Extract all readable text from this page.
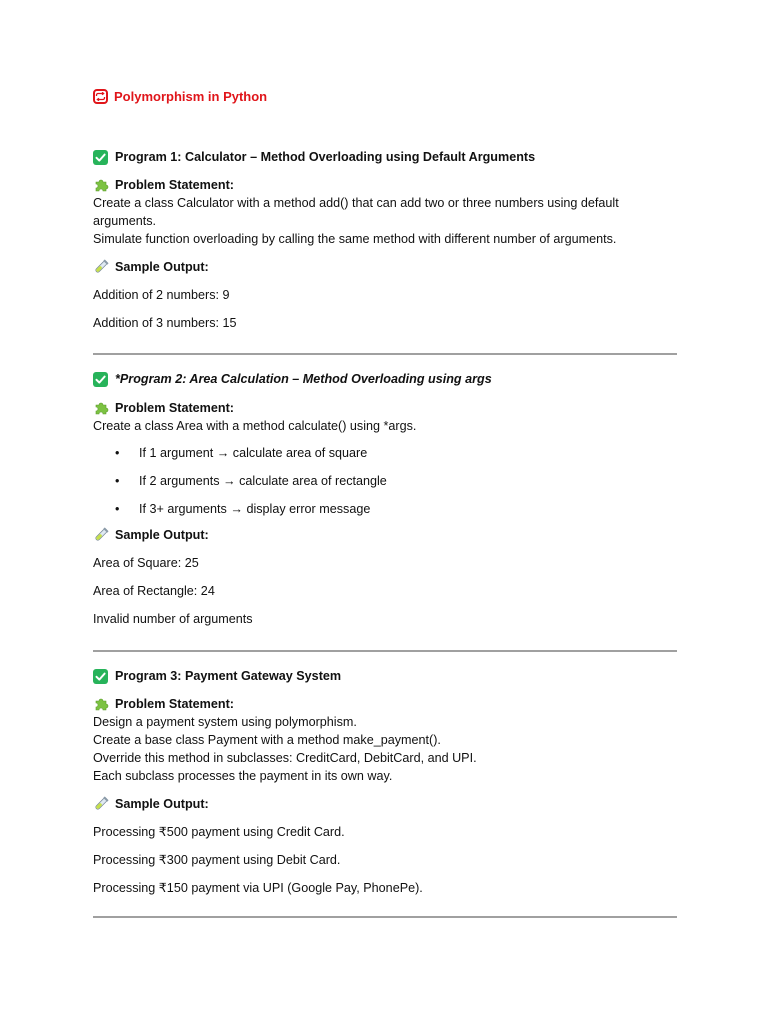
Polymorphism in Python
Program 1: Calculator – Method Overloading using Default Arguments
Problem Statement:
Create a class Calculator with a method add() that can add two or three numbers using default
arguments.
Simulate function overloading by calling the same method with different number of arguments.
Sample Output:
Addition of 2 numbers: 9
Addition of 3 numbers: 15
*Program 2: Area Calculation – Method Overloading using args
Problem Statement:
Create a class Area with a method calculate() using *args.
• If 1 argument → calculate area of square
• If 2 arguments → calculate area of rectangle
• If 3+ arguments → display error message
Sample Output:
Area of Square: 25
Area of Rectangle: 24
Invalid number of arguments
Program 3: Payment Gateway System
Problem Statement:
Design a payment system using polymorphism.
Create a base class Payment with a method make_payment().
Override this method in subclasses: CreditCard, DebitCard, and UPI.
Each subclass processes the payment in its own way.
Sample Output:
Processing ₹500 payment using Credit Card.
Processing ₹300 payment using Debit Card.
Processing ₹150 payment via UPI (Google Pay, PhonePe).
